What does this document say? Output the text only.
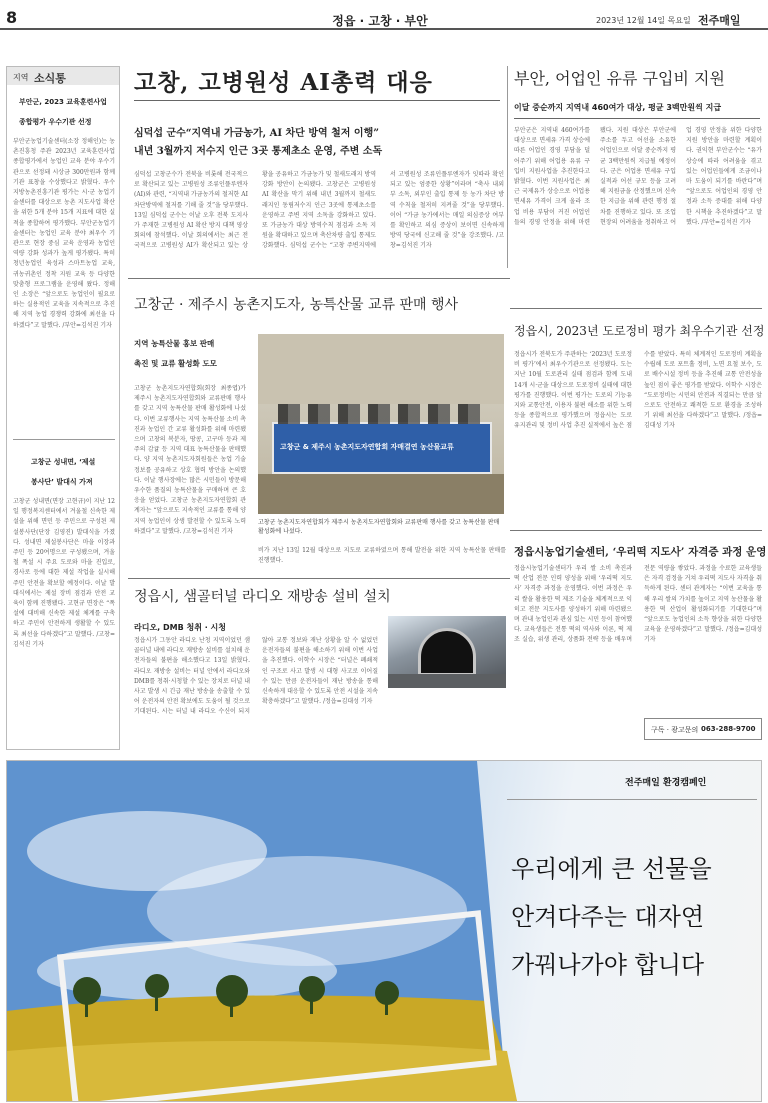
8	정읍 · 고창 · 부안	2023년 12월 14일 목요일 전주매일
지역 소식통
부안군, 2023 교육훈련사업
종합평가 우수기관 선정
부안군농업기술센터(소장 정해인)는 농촌진흥청 주관 2023년 교육훈련사업 종합평가에서 농업인 교육 분야 우수기관으로 선정돼 시상금 300만원과 함께 기관 표창을 수상했다고 밝혔다. 우수 지방농촌진흥기관 평가는 시·군 농업기술센터를 대상으로 농촌 지도사업 확산을 위한 5개 분야 15개 지표에 대한 실적을 종합하여 평가했다. 부안군농업기술센터는 농업인 교육 분야 최우수 기관으로 현장 중심 교육 운영과 농업인 역량 강화 성과가 높게 평가됐다. 특히 청년농업인 육성과 스마트농업 교육, 귀농귀촌인 정착 지원 교육 등 다양한 맞춤형 프로그램을 운영해 왔다. 정해인 소장은 “앞으로도 농업인이 필요로 하는 실용적인 교육을 지속적으로 추진해 지역 농업 경쟁력 강화에 최선을 다하겠다”고 말했다. /부안=김석진 기자
고창군 성내면, ‘제설
봉사단’ 발대식 가져
고창군 성내면(면장 고현규)이 지난 12일 행정복지센터에서 겨울철 신속한 제설을 위해 면민 등 주민으로 구성된 제설봉사단(단장 김영진) 발대식을 가졌다. 성내면 제설봉사단은 마을 이장과 주민 등 20여명으로 구성됐으며, 겨울철 폭설 시 주요 도로와 마을 진입로, 경사로 등에 대한 제설 작업을 실시해 주민 안전을 확보할 예정이다. 이날 발대식에서는 제설 장비 점검과 안전 교육이 함께 진행됐다. 고현규 면장은 “폭설에 대비해 신속한 제설 체계를 구축하고 주민이 안전하게 생활할 수 있도록 최선을 다하겠다”고 말했다. /고창=김석진 기자
고창, 고병원성 AI총력 대응
심덕섭 군수“지역내 가금농가, AI 차단 방역 철저 이행”
내년 3월까지 저수지 인근 3곳 통제초소 운영, 주변 소독
심덕섭 고창군수가 전북을 비롯해 전국적으로 확산되고 있는 고병원성 조류인플루엔자(AI)와 관련, “지역내 가금농가의 철저한 AI차단방역에 철저를 기해 줄 것”을 당부했다. 13일 심덕섭 군수는 이날 오후 전북 도지사가 주재한 고병원성 AI 확산 방지 대책 영상회의에 참석했다. 이날 회의에서는 최근 전국적으로 고병원성 AI가 확산되고 있는 상황을 공유하고 가금농가 및 철새도래지 방역 강화 방안이 논의됐다. 고창군은 고병원성 AI 확산을 막기 위해 내년 3월까지 철새도래지인 동림저수지 인근 3곳에 통제초소를 운영하고 주변 지역 소독을 강화하고 있다. 또 가금농가 대상 방역수칙 점검과 소독 지원을 확대하고 있으며 축산차량 출입 통제도 강화했다. 심덕섭 군수는 “고창 주변지역에서 고병원성 조류인플루엔자가 잇따라 확인되고 있는 엄중한 상황”이라며 “축사 내외부 소독, 외부인 출입 통제 등 농가 차단 방역 수칙을 철저히 지켜줄 것”을 당부했다. 이어 “가금 농가에서는 매일 의심증상 여부를 확인하고 의심 증상이 보이면 신속하게 방역 당국에 신고해 줄 것”을 강조했다. /고창=김석진 기자
부안, 어업인 유류 구입비 지원
이달 중순까지 지역내 460여가 대상, 평균 3백만원씩 지급
부안군은 지역내 460여가를 대상으로 면세유 가격 상승에 따른 어업인 경영 부담을 덜어주기 위해 어업용 유류 구입비 지원사업을 추진한다고 밝혔다. 이번 지원사업은 최근 국제유가 상승으로 어업용 면세유 가격이 크게 올라 조업 비용 부담이 커진 어업인들의 경영 안정을 위해 마련됐다. 지원 대상은 부안군에 주소를 두고 어선을 소유한 어업인으로 이달 중순까지 평균 3백만원씩 지급될 예정이다. 군은 어업용 면세유 구입 실적과 어선 규모 등을 고려해 지원금을 산정했으며 신속한 지급을 위해 관련 행정 절차를 진행하고 있다. 또 조업 현장의 어려움을 청취하고 어업 경영 안정을 위한 다양한 지원 방안을 마련할 계획이다. 권익현 부안군수는 “유가 상승에 따라 어려움을 겪고 있는 어업인들에게 조금이나마 도움이 되기를 바란다”며 “앞으로도 어업인의 경영 안정과 소득 증대를 위해 다양한 시책을 추진하겠다”고 말했다. /부안=김석진 기자
고창군 · 제주시 농촌지도자, 농특산물 교류 판매 행사
지역 농특산물 홍보 판매
촉진 및 교류 활성화 도모
고창군 농촌지도자연합회(회장 최종엽)가 제주시 농촌지도자연합회와 교류판매 행사를 갖고 지역 농특산물 판매 활성화에 나섰다. 이번 교류행사는 지역 농특산물 소비 촉진과 농업인 간 교류 활성화를 위해 마련됐으며 고창의 복분자, 땅콩, 고구마 등과 제주의 감귤 등 지역 대표 농특산물을 판매했다. 양 지역 농촌지도자회원들은 농업 기술 정보를 공유하고 상호 협력 방안을 논의했다. 이날 행사장에는 많은 시민들이 방문해 우수한 품질의 농특산물을 구매하며 큰 호응을 얻었다. 고창군 농촌지도자연합회 관계자는 “앞으로도 지속적인 교류를 통해 양 지역 농업인이 상생 발전할 수 있도록 노력하겠다”고 말했다. /고창=김석진 기자
고창군 & 제주시 농촌지도자연합회 자매결연 농산물교류
고창군 농촌지도자연합회가 제주시 농촌지도자연합회와 교류판매 행사를 갖고 농특산물 판매 활성화에 나섰다.
비가 지난 13일 12월 대상으로 지도로 교류하였으며 통해 발전을 위한 지역 농특산물 판매를 진행했다.
정읍시, 샘골터널 라디오 재방송 설비 설치
라디오, DMB 청취 · 시청
정읍시가 그동안 라디오 난청 지역이었던 샘골터널 내에 라디오 재방송 설비를 설치해 운전자들의 불편을 해소했다고 13일 밝혔다. 라디오 재방송 설비는 터널 안에서 라디오와 DMB를 청취·시청할 수 있는 장치로 터널 내 사고 발생 시 긴급 재난 방송을 송출할 수 있어 운전자의 안전 확보에도 도움이 될 것으로 기대된다. 시는 터널 내 라디오 수신이 되지 않아 교통 정보와 재난 상황을 알 수 없었던 운전자들의 불편을 해소하기 위해 이번 사업을 추진했다. 이학수 시장은 “터널은 폐쇄적인 구조로 사고 발생 시 대형 사고로 이어질 수 있는 만큼 운전자들이 재난 방송을 통해 신속하게 대응할 수 있도록 안전 시설을 지속 확충하겠다”고 말했다. /정읍=김대성 기자
정읍시, 2023년 도로정비 평가 최우수기관 선정
정읍시가 전북도가 주관하는 ‘2023년 도로정비 평가’에서 최우수기관으로 선정됐다. 도는 지난 10월 도로관리 실태 점검과 함께 도내 14개 시·군을 대상으로 도로정비 실태에 대한 평가를 진행했다. 이번 평가는 도로의 기능유지와 교통안전, 이용자 불편 해소를 위한 노력 등을 종합적으로 평가했으며 정읍시는 도로 유지관리 및 정비 사업 추진 실적에서 높은 점수를 받았다. 특히 체계적인 도로정비 계획을 수립해 도로 포트홀 정비, 노면 요철 보수, 도로 배수시설 정비 등을 추진해 교통 안전성을 높인 점이 좋은 평가를 받았다. 이학수 시장은 “도로정비는 시민의 안전과 직결되는 만큼 앞으로도 안전하고 쾌적한 도로 환경을 조성하기 위해 최선을 다하겠다”고 말했다. /정읍=김대성 기자
정읍시농업기술센터, ‘우리떡 지도사’ 자격증 과정 운영
정읍시농업기술센터가 우리 쌀 소비 촉진과 떡 산업 전문 인력 양성을 위해 ‘우리떡 지도사’ 자격증 과정을 운영했다. 이번 과정은 우리 쌀을 활용한 떡 제조 기술을 체계적으로 익히고 전문 지도사를 양성하기 위해 마련됐으며 관내 농업인과 관심 있는 시민 등이 참여했다. 교육생들은 전통 떡의 역사와 이론, 떡 제조 실습, 위생 관리, 상품화 전략 등을 배우며 전문 역량을 쌓았다. 과정을 수료한 교육생들은 자격 검정을 거쳐 우리떡 지도사 자격을 취득하게 된다. 센터 관계자는 “이번 교육을 통해 우리 쌀의 가치를 높이고 지역 농산물을 활용한 떡 산업이 활성화되기를 기대한다”며 “앞으로도 농업인의 소득 향상을 위한 다양한 교육을 운영하겠다”고 말했다. /정읍=김대성 기자
구독 · 광고문의 063-288-9700
전주매일 환경캠페인
우리에게 큰 선물을
안겨다주는 대자연
가꿔나가야 합니다
